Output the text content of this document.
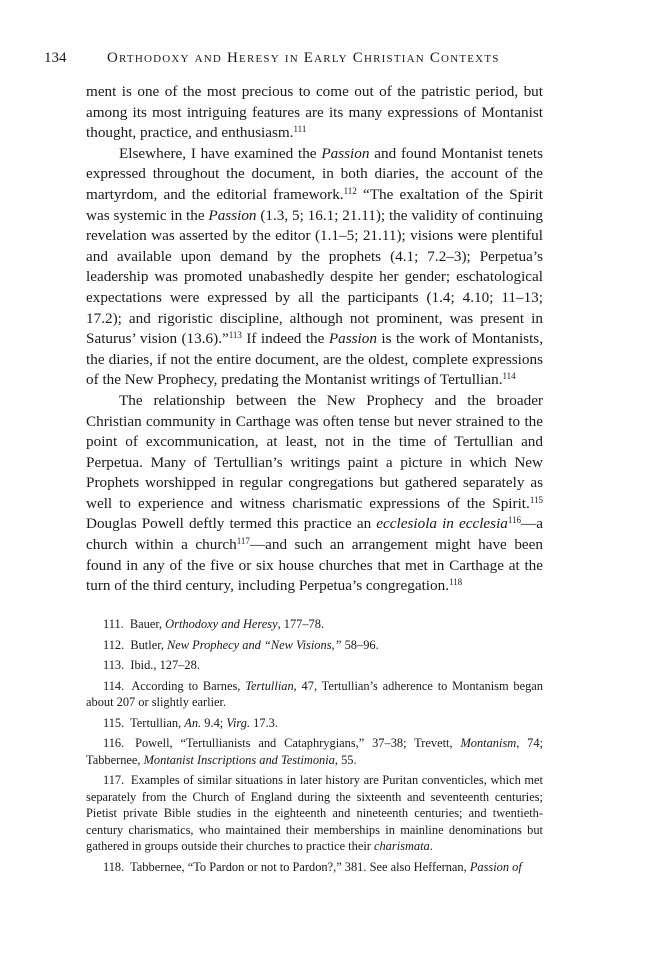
134	Orthodoxy and Heresy in Early Christian Contexts

ment is one of the most precious to come out of the patristic period, but among its most intriguing features are its many expressions of Montanist thought, practice, and enthusiasm.$^{111}$

Elsewhere, I have examined the Passion and found Montanist tenets expressed throughout the document, in both diaries, the account of the martyrdom, and the editorial framework.$^{112}$ “The exaltation of the Spirit was systemic in the Passion (1.3, 5; 16.1; 21.11); the validity of continuing revelation was asserted by the editor (1.1–5; 21.11); visions were plentiful and available upon demand by the prophets (4.1; 7.2–3); Perpetua’s leadership was promoted unabashedly despite her gender; eschatological expectations were expressed by all the participants (1.4; 4.10; 11–13; 17.2); and rigoristic discipline, although not prominent, was present in Saturus’ vision (13.6).”$^{113}$ If indeed the Passion is the work of Montanists, the diaries, if not the entire document, are the oldest, complete expressions of the New Prophecy, predating the Montanist writings of Tertullian.$^{114}$

The relationship between the New Prophecy and the broader Christian community in Carthage was often tense but never strained to the point of excommunication, at least, not in the time of Tertullian and Perpetua. Many of Tertullian’s writings paint a picture in which New Prophets worshipped in regular congregations but gathered separately as well to experience and witness charismatic expressions of the Spirit.$^{115}$ Douglas Powell deftly termed this practice an ecclesiola in ecclesia$^{116}$—a church within a church$^{117}$—and such an arrangement might have been found in any of the five or six house churches that met in Carthage at the turn of the third century, including Perpetua’s congregation.$^{118}$

111. Bauer, Orthodoxy and Heresy, 177–78.

112. Butler, New Prophecy and “New Visions,” 58–96.

113. Ibid., 127–28.

114. According to Barnes, Tertullian, 47, Tertullian’s adherence to Montanism began about 207 or slightly earlier.

115. Tertullian, An. 9.4; Virg. 17.3.

116. Powell, “Tertullianists and Cataphrygians,” 37–38; Trevett, Montanism, 74; Tabbernee, Montanist Inscriptions and Testimonia, 55.

117. Examples of similar situations in later history are Puritan conventicles, which met separately from the Church of England during the sixteenth and seventeenth centuries; Pietist private Bible studies in the eighteenth and nineteenth centuries; and twentieth-century charismatics, who maintained their memberships in mainline denominations but gathered in groups outside their churches to practice their charismata.

118. Tabbernee, “To Pardon or not to Pardon?,” 381. See also Heffernan, Passion of
